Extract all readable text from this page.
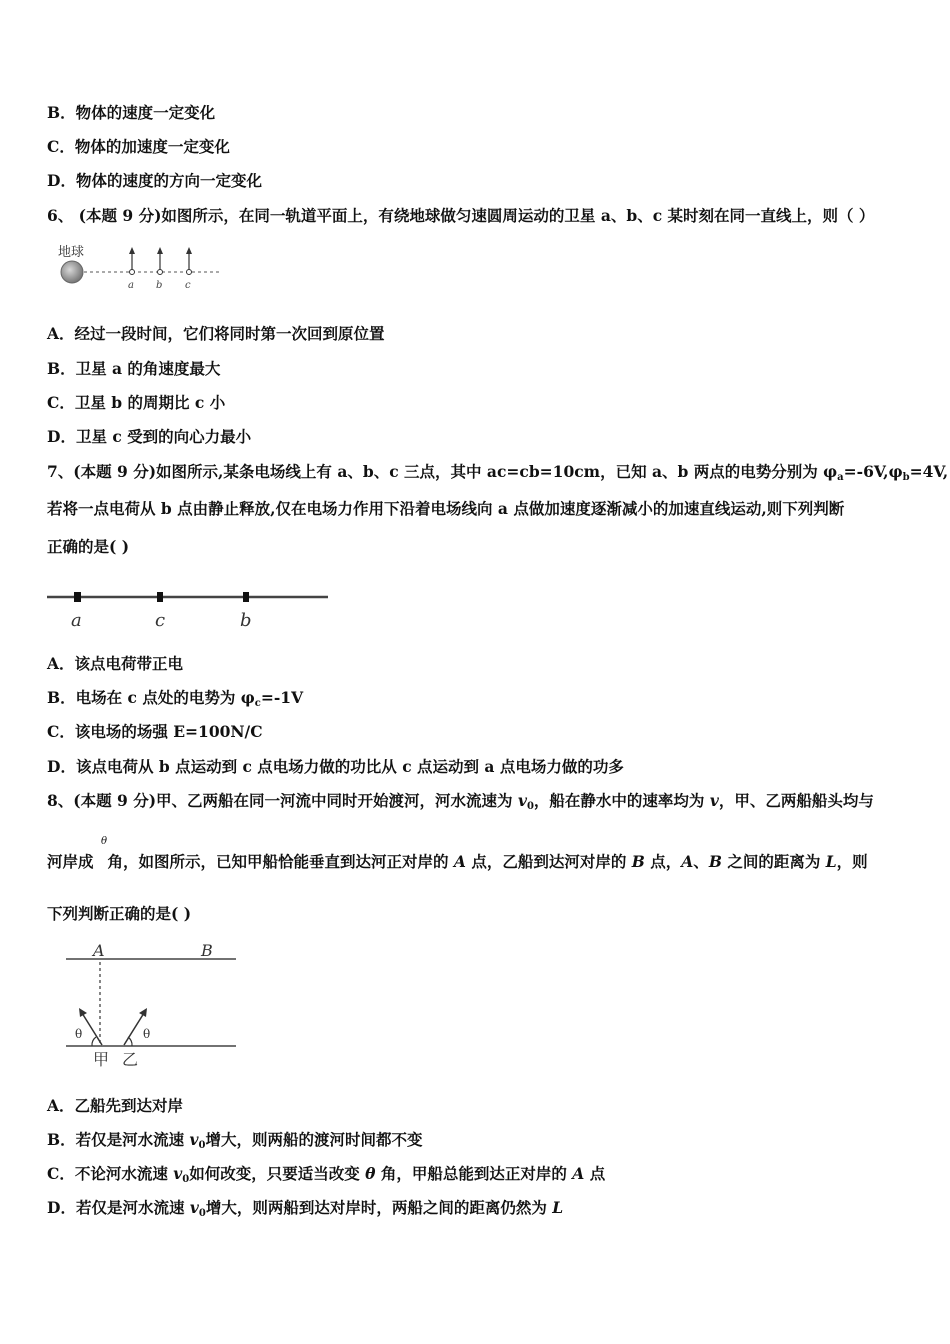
B．物体的速度一定变化
C．物体的加速度一定变化
D．物体的速度的方向一定变化
6、 (本题 9 分)如图所示，在同一轨道平面上，有绕地球做匀速圆周运动的卫星 a、b、c 某时刻在同一直线上，则（ ）
地球
a b c
A．经过一段时间，它们将同时第一次回到原位置
B．卫星 a 的角速度最大
C．卫星 b 的周期比 c 小
D．卫星 c 受到的向心力最小
7、(本题 9 分)如图所示,某条电场线上有 a、b、c 三点，其中 ac=cb=10cm，已知 a、b 两点的电势分别为 $\varphi_a=-6V,\varphi_b=4V$,
若将一点电荷从 b 点由静止释放,仅在电场力作用下沿着电场线向 a 点做加速度逐渐减小的加速直线运动,则下列判断
正确的是( )
a	c	b
A．该点电荷带正电
B．电场在 c 点处的电势为 $\varphi_c=-1V$
C．该电场的场强 E=100N/C
D．该点电荷从 b 点运动到 c 点电场力做的功比从 c 点运动到 a 点电场力做的功多
8、(本题 9 分)甲、乙两船在同一河流中同时开始渡河，河水流速为 $v_0$，船在静水中的速率均为 v，甲、乙两船船头均与
θ
河岸成 角，如图所示，已知甲船恰能垂直到达河正对岸的 A 点，乙船到达河对岸的 B 点，A、B 之间的距离为 L，则
下列判断正确的是( )
A	B
θ	θ
甲 乙
A．乙船先到达对岸
B．若仅是河水流速 $v_0$增大，则两船的渡河时间都不变
C．不论河水流速 $v_0$如何改变，只要适当改变 θ 角，甲船总能到达正对岸的 A 点
D．若仅是河水流速 $v_0$增大，则两船到达对岸时，两船之间的距离仍然为 L
